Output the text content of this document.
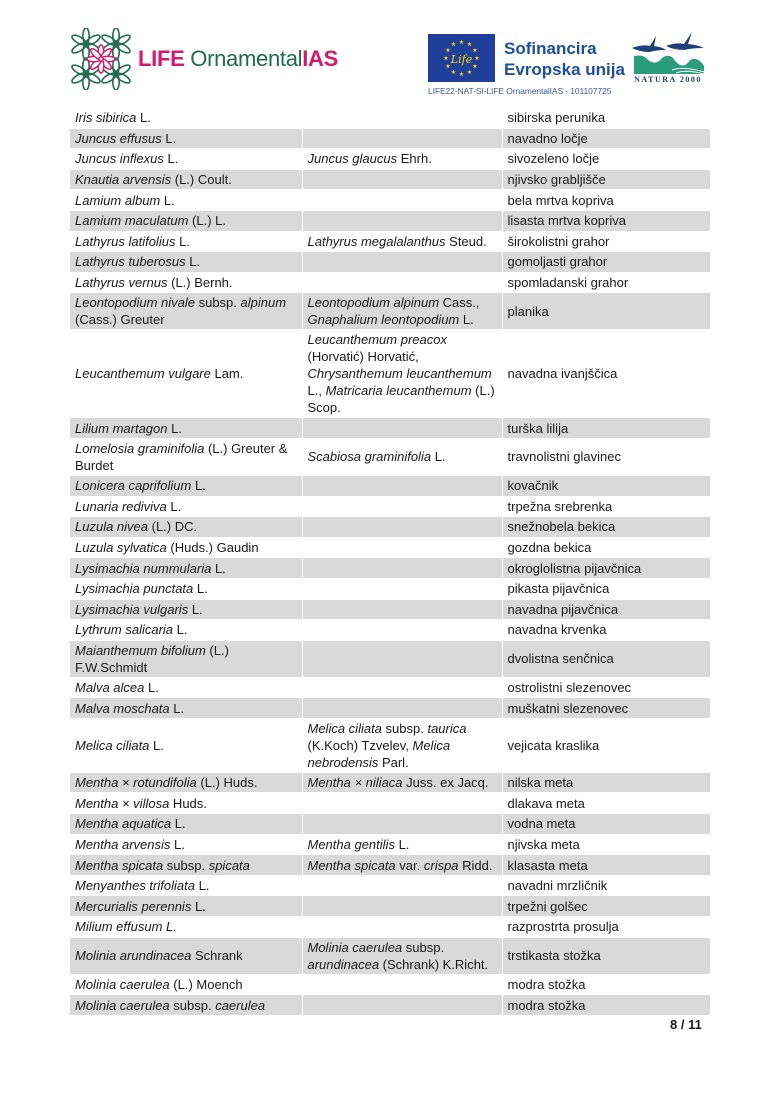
LIFE OrnamentalIAS
★ ★
★
★
★
★
★
★
★
★
★
★
Life
Sofinancira
Evropska unija
LIFE22-NAT-SI-LIFE OrnamentalIAS - 101107725
☆ ☆ ☆ ☆
NATURA 2000
Iris sibirica L.		sibirska perunika
Juncus effusus L.		navadno ločje
Juncus inflexus L.	Juncus glaucus Ehrh.	sivozeleno ločje
Knautia arvensis (L.) Coult.		njivsko grabljišče
Lamium album L.		bela mrtva kopriva
Lamium maculatum (L.) L.		lisasta mrtva kopriva
Lathyrus latifolius L.	Lathyrus megalalanthus Steud.	širokolistni grahor
Lathyrus tuberosus L.		gomoljasti grahor
Lathyrus vernus (L.) Bernh.		spomladanski grahor
Leontopodium nivale subsp. alpinum (Cass.) Greuter	Leontopodium alpinum Cass., Gnaphalium leontopodium L.	planika
Leucanthemum vulgare Lam.	Leucanthemum preacox (Horvatić) Horvatić, Chrysanthemum leucanthemum L., Matricaria leucanthemum (L.) Scop.	navadna ivanjščica
Lilium martagon L.		turška lilija
Lomelosia graminifolia (L.) Greuter & Burdet	Scabiosa graminifolia L.	travnolistni glavinec
Lonicera caprifolium L.		kovačnik
Lunaria rediviva L.		trpežna srebrenka
Luzula nivea (L.) DC.		snežnobela bekica
Luzula sylvatica (Huds.) Gaudin		gozdna bekica
Lysimachia nummularia L.		okroglolistna pijavčnica
Lysimachia punctata L.		pikasta pijavčnica
Lysimachia vulgaris L.		navadna pijavčnica
Lythrum salicaria L.		navadna krvenka
Maianthemum bifolium (L.) F.W.Schmidt		dvolistna senčnica
Malva alcea L.		ostrolistni slezenovec
Malva moschata L.		muškatni slezenovec
Melica ciliata L.	Melica ciliata subsp. taurica (K.Koch) Tzvelev, Melica nebrodensis Parl.	vejicata kraslika
Mentha × rotundifolia (L.) Huds.	Mentha × niliaca Juss. ex Jacq.	nilska meta
Mentha × villosa Huds.		dlakava meta
Mentha aquatica L.		vodna meta
Mentha arvensis L.	Mentha gentilis L.	njivska meta
Mentha spicata subsp. spicata	Mentha spicata var. crispa Ridd.	klasasta meta
Menyanthes trifoliata L.		navadni mrzličnik
Mercurialis perennis L.		trpežni golšec
Milium effusum L.		razprostrta prosulja
Molinia arundinacea Schrank	Molinia caerulea subsp. arundinacea (Schrank) K.Richt.	trstikasta stožka
Molinia caerulea (L.) Moench		modra stožka
Molinia caerulea subsp. caerulea		modra stožka
8 / 11
